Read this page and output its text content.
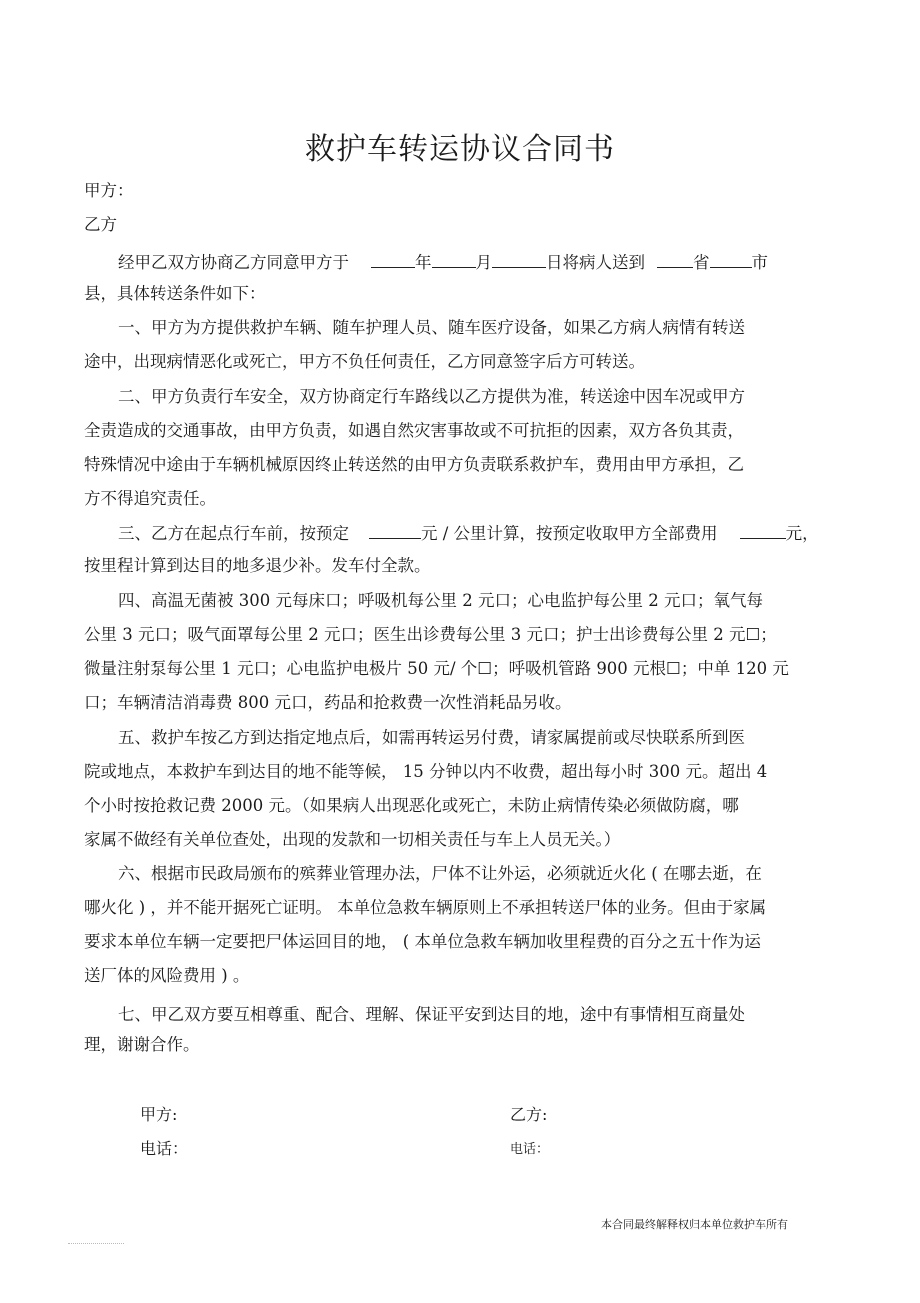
救护车转运协议合同书
甲方：
乙方
经甲乙双方协商乙方同意甲方于	年	月	日将病人送到	省	市
县，具体转送条件如下：
一、甲方为方提供救护车辆、随车护理人员、随车医疗设备，如果乙方病人病情有转送
途中，出现病情恶化或死亡，甲方不负任何责任，乙方同意签字后方可转送。
二、甲方负责行车安全，双方协商定行车路线以乙方提供为准，转送途中因车况或甲方
全责造成的交通事故，由甲方负责，如遇自然灾害事故或不可抗拒的因素，双方各负其责，
特殊情况中途由于车辆机械原因终止转送然的由甲方负责联系救护车，费用由甲方承担，乙
方不得追究责任。
三、乙方在起点行车前，按预定	元 / 公里计算，按预定收取甲方全部费用	元，
按里程计算到达目的地多退少补。发车付全款。
四、高温无菌被 300 元每床口；呼吸机每公里 2 元口；心电监护每公里 2 元口；氧气每
公里 3 元口；吸气面罩每公里 2 元口；医生出诊费每公里 3 元口；护士出诊费每公里 2 元☐；
微量注射泵每公里 1 元口；心电监护电极片 50 元/ 个☐；呼吸机管路 900 元根☐；中单 120 元
口；车辆清洁消毒费 800 元口，药品和抢救费一次性消耗品另收。
五、救护车按乙方到达指定地点后，如需再转运另付费，请家属提前或尽快联系所到医
院或地点，本救护车到达目的地不能等候， 15 分钟以内不收费，超出每小时 300 元。超出 4
个小时按抢救记费 2000 元。（如果病人出现恶化或死亡，未防止病情传染必须做防腐，哪
家属不做经有关单位查处，出现的发款和一切相关责任与车上人员无关。）
六、根据市民政局颁布的殡葬业管理办法，尸体不让外运，必须就近火化 ( 在哪去逝，在
哪火化 ) ，并不能开据死亡证明。 本单位急救车辆原则上不承担转送尸体的业务。但由于家属
要求本单位车辆一定要把尸体运回目的地， ( 本单位急救车辆加收里程费的百分之五十作为运
送厂体的风险费用 ) 。
七、甲乙双方要互相尊重、配合、理解、保证平安到达目的地，途中有事情相互商量处
理，谢谢合作。
甲方:	乙方:
电话：	电话：
本合同最终解释权归本单位救护车所有
